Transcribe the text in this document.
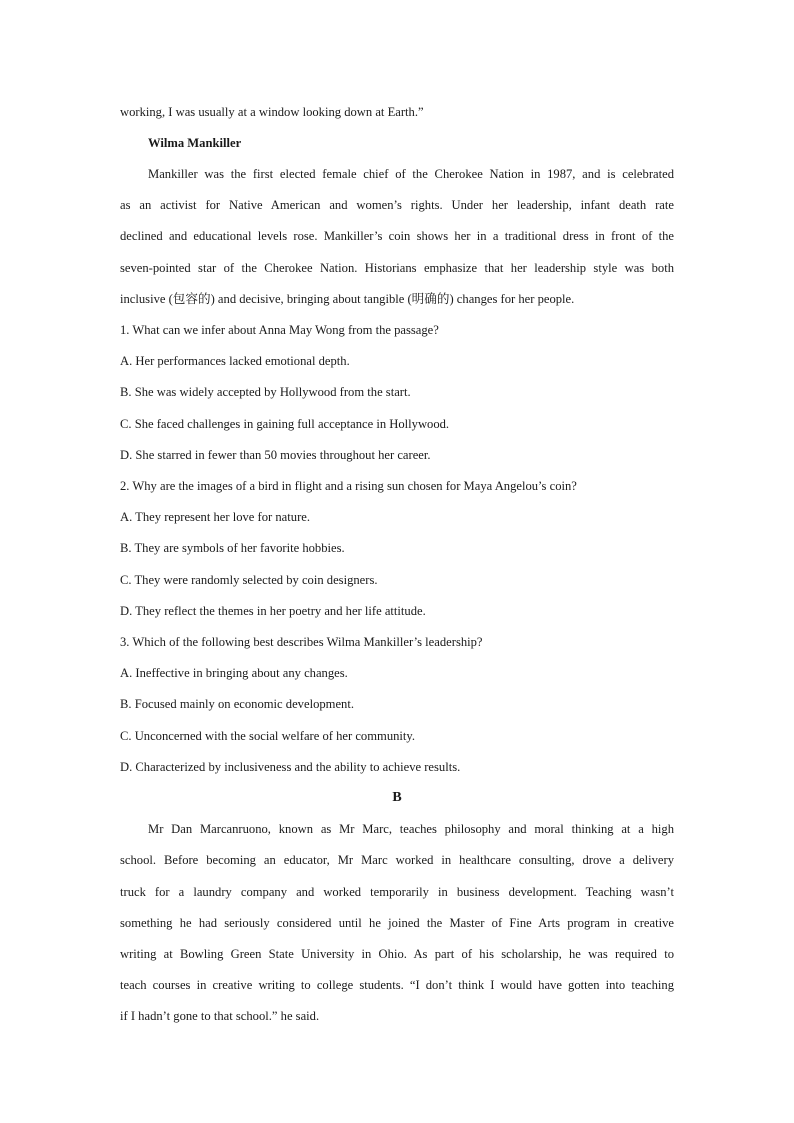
working, I was usually at a window looking down at Earth.”
Wilma Mankiller
Mankiller was the first elected female chief of the Cherokee Nation in 1987, and is celebrated
as an activist for Native American and women’s rights. Under her leadership, infant death rate
declined and educational levels rose. Mankiller’s coin shows her in a traditional dress in front of the
seven-pointed star of the Cherokee Nation. Historians emphasize that her leadership style was both
inclusive (包容的) and decisive, bringing about tangible (明确的) changes for her people.
1. What can we infer about Anna May Wong from the passage?
A. Her performances lacked emotional depth.
B. She was widely accepted by Hollywood from the start.
C. She faced challenges in gaining full acceptance in Hollywood.
D. She starred in fewer than 50 movies throughout her career.
2. Why are the images of a bird in flight and a rising sun chosen for Maya Angelou’s coin?
A. They represent her love for nature.
B. They are symbols of her favorite hobbies.
C. They were randomly selected by coin designers.
D. They reflect the themes in her poetry and her life attitude.
3. Which of the following best describes Wilma Mankiller’s leadership?
A. Ineffective in bringing about any changes.
B. Focused mainly on economic development.
C. Unconcerned with the social welfare of her community.
D. Characterized by inclusiveness and the ability to achieve results.
B
Mr Dan Marcanruono, known as Mr Marc, teaches philosophy and moral thinking at a high
school. Before becoming an educator, Mr Marc worked in healthcare consulting, drove a delivery
truck for a laundry company and worked temporarily in business development. Teaching wasn’t
something he had seriously considered until he joined the Master of Fine Arts program in creative
writing at Bowling Green State University in Ohio. As part of his scholarship, he was required to
teach courses in creative writing to college students. “I don’t think I would have gotten into teaching
if I hadn’t gone to that school.” he said.
